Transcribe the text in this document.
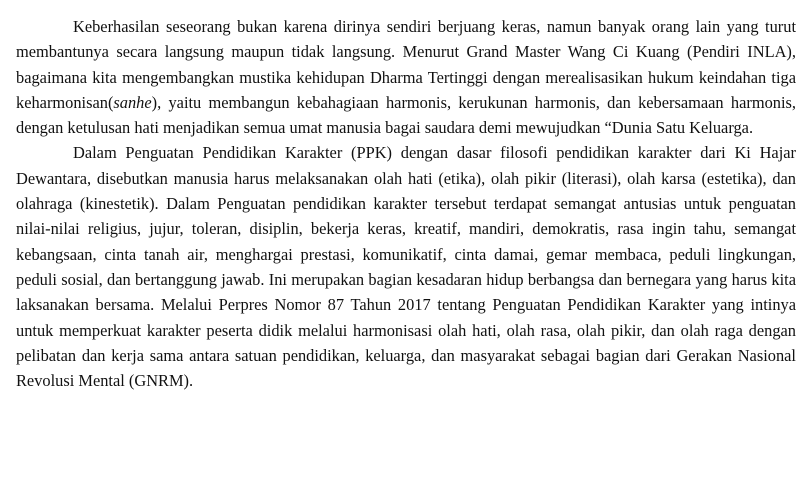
Keberhasilan seseorang bukan karena dirinya sendiri berjuang keras, namun banyak orang lain yang turut membantunya secara langsung maupun tidak langsung. Menurut Grand Master Wang Ci Kuang (Pendiri INLA), bagaimana kita mengembangkan mustika kehidupan Dharma Tertinggi dengan merealisasikan hukum keindahan tiga keharmonisan(sanhe), yaitu membangun kebahagiaan harmonis, kerukunan harmonis, dan kebersamaan harmonis, dengan ketulusan hati menjadikan semua umat manusia bagai saudara demi mewujudkan “Dunia Satu Keluarga.

Dalam Penguatan Pendidikan Karakter (PPK) dengan dasar filosofi pendidikan karakter dari Ki Hajar Dewantara, disebutkan manusia harus melaksanakan olah hati (etika), olah pikir (literasi), olah karsa (estetika), dan olahraga (kinestetik). Dalam Penguatan pendidikan karakter tersebut terdapat semangat antusias untuk penguatan nilai-nilai religius, jujur, toleran, disiplin, bekerja keras, kreatif, mandiri, demokratis, rasa ingin tahu, semangat kebangsaan, cinta tanah air, menghargai prestasi, komunikatif, cinta damai, gemar membaca, peduli lingkungan, peduli sosial, dan bertanggung jawab. Ini merupakan bagian kesadaran hidup berbangsa dan bernegara yang harus kita laksanakan bersama. Melalui Perpres Nomor 87 Tahun 2017 tentang Penguatan Pendidikan Karakter yang intinya untuk memperkuat karakter peserta didik melalui harmonisasi olah hati, olah rasa, olah pikir, dan olah raga dengan pelibatan dan kerja sama antara satuan pendidikan, keluarga, dan masyarakat sebagai bagian dari Gerakan Nasional Revolusi Mental (GNRM).
